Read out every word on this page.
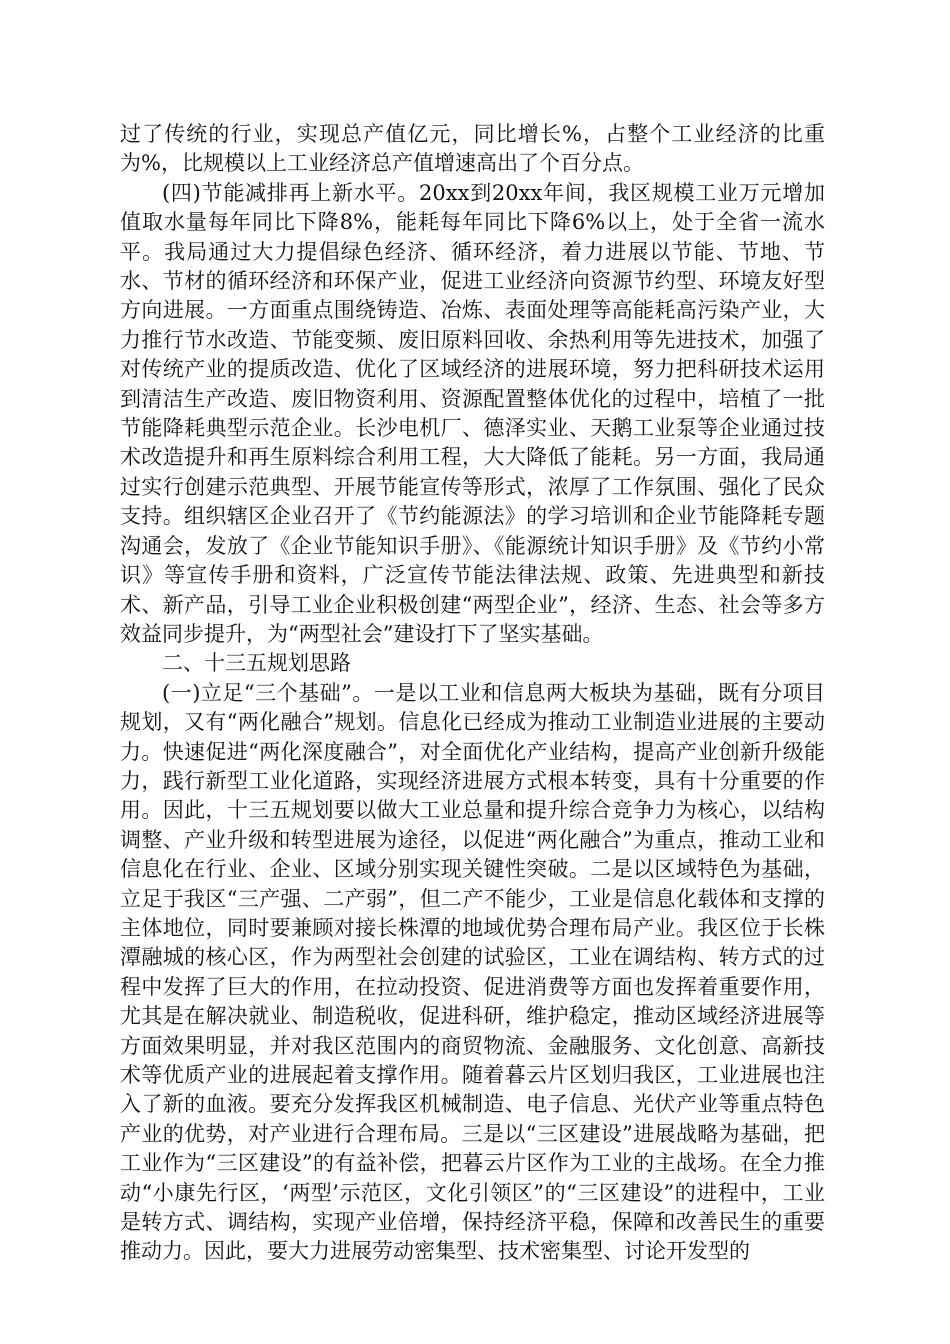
过了传统的行业，实现总产值亿元，同比增长%，占整个工业经济的比重为%，比规模以上工业经济总产值增速高出了个百分点。

(四)节能减排再上新水平。20xx到20xx年间，我区规模工业万元增加值取水量每年同比下降8%，能耗每年同比下降6%以上，处于全省一流水平。我局通过大力提倡绿色经济、循环经济，着力进展以节能、节地、节水、节材的循环经济和环保产业，促进工业经济向资源节约型、环境友好型方向进展。一方面重点围绕铸造、冶炼、表面处理等高能耗高污染产业，大力推行节水改造、节能变频、废旧原料回收、余热利用等先进技术，加强了对传统产业的提质改造、优化了区域经济的进展环境，努力把科研技术运用到清洁生产改造、废旧物资利用、资源配置整体优化的过程中，培植了一批节能降耗典型示范企业。长沙电机厂、德泽实业、天鹅工业泵等企业通过技术改造提升和再生原料综合利用工程，大大降低了能耗。另一方面，我局通过实行创建示范典型、开展节能宣传等形式，浓厚了工作氛围、强化了民众支持。组织辖区企业召开了《节约能源法》的学习培训和企业节能降耗专题沟通会，发放了《企业节能知识手册》、《能源统计知识手册》及《节约小常识》等宣传手册和资料，广泛宣传节能法律法规、政策、先进典型和新技术、新产品，引导工业企业积极创建“两型企业”，经济、生态、社会等多方效益同步提升，为“两型社会”建设打下了坚实基础。

二、十三五规划思路

(一)立足“三个基础”。一是以工业和信息两大板块为基础，既有分项目规划，又有“两化融合”规划。信息化已经成为推动工业制造业进展的主要动力。快速促进“两化深度融合”，对全面优化产业结构，提高产业创新升级能力，践行新型工业化道路，实现经济进展方式根本转变，具有十分重要的作用。因此，十三五规划要以做大工业总量和提升综合竞争力为核心，以结构调整、产业升级和转型进展为途径，以促进“两化融合”为重点，推动工业和信息化在行业、企业、区域分别实现关键性突破。二是以区域特色为基础，立足于我区“三产强、二产弱”，但二产不能少，工业是信息化载体和支撑的主体地位，同时要兼顾对接长株潭的地域优势合理布局产业。我区位于长株潭融城的核心区，作为两型社会创建的试验区，工业在调结构、转方式的过程中发挥了巨大的作用，在拉动投资、促进消费等方面也发挥着重要作用，尤其是在解决就业、制造税收，促进科研，维护稳定，推动区域经济进展等方面效果明显，并对我区范围内的商贸物流、金融服务、文化创意、高新技术等优质产业的进展起着支撑作用。随着暮云片区划归我区，工业进展也注入了新的血液。要充分发挥我区机械制造、电子信息、光伏产业等重点特色产业的优势，对产业进行合理布局。三是以“三区建设”进展战略为基础，把工业作为“三区建设”的有益补偿，把暮云片区作为工业的主战场。在全力推动“小康先行区，‘两型’示范区，文化引领区”的“三区建设”的进程中，工业是转方式、调结构，实现产业倍增，保持经济平稳，保障和改善民生的重要推动力。因此，要大力进展劳动密集型、技术密集型、讨论开发型的
